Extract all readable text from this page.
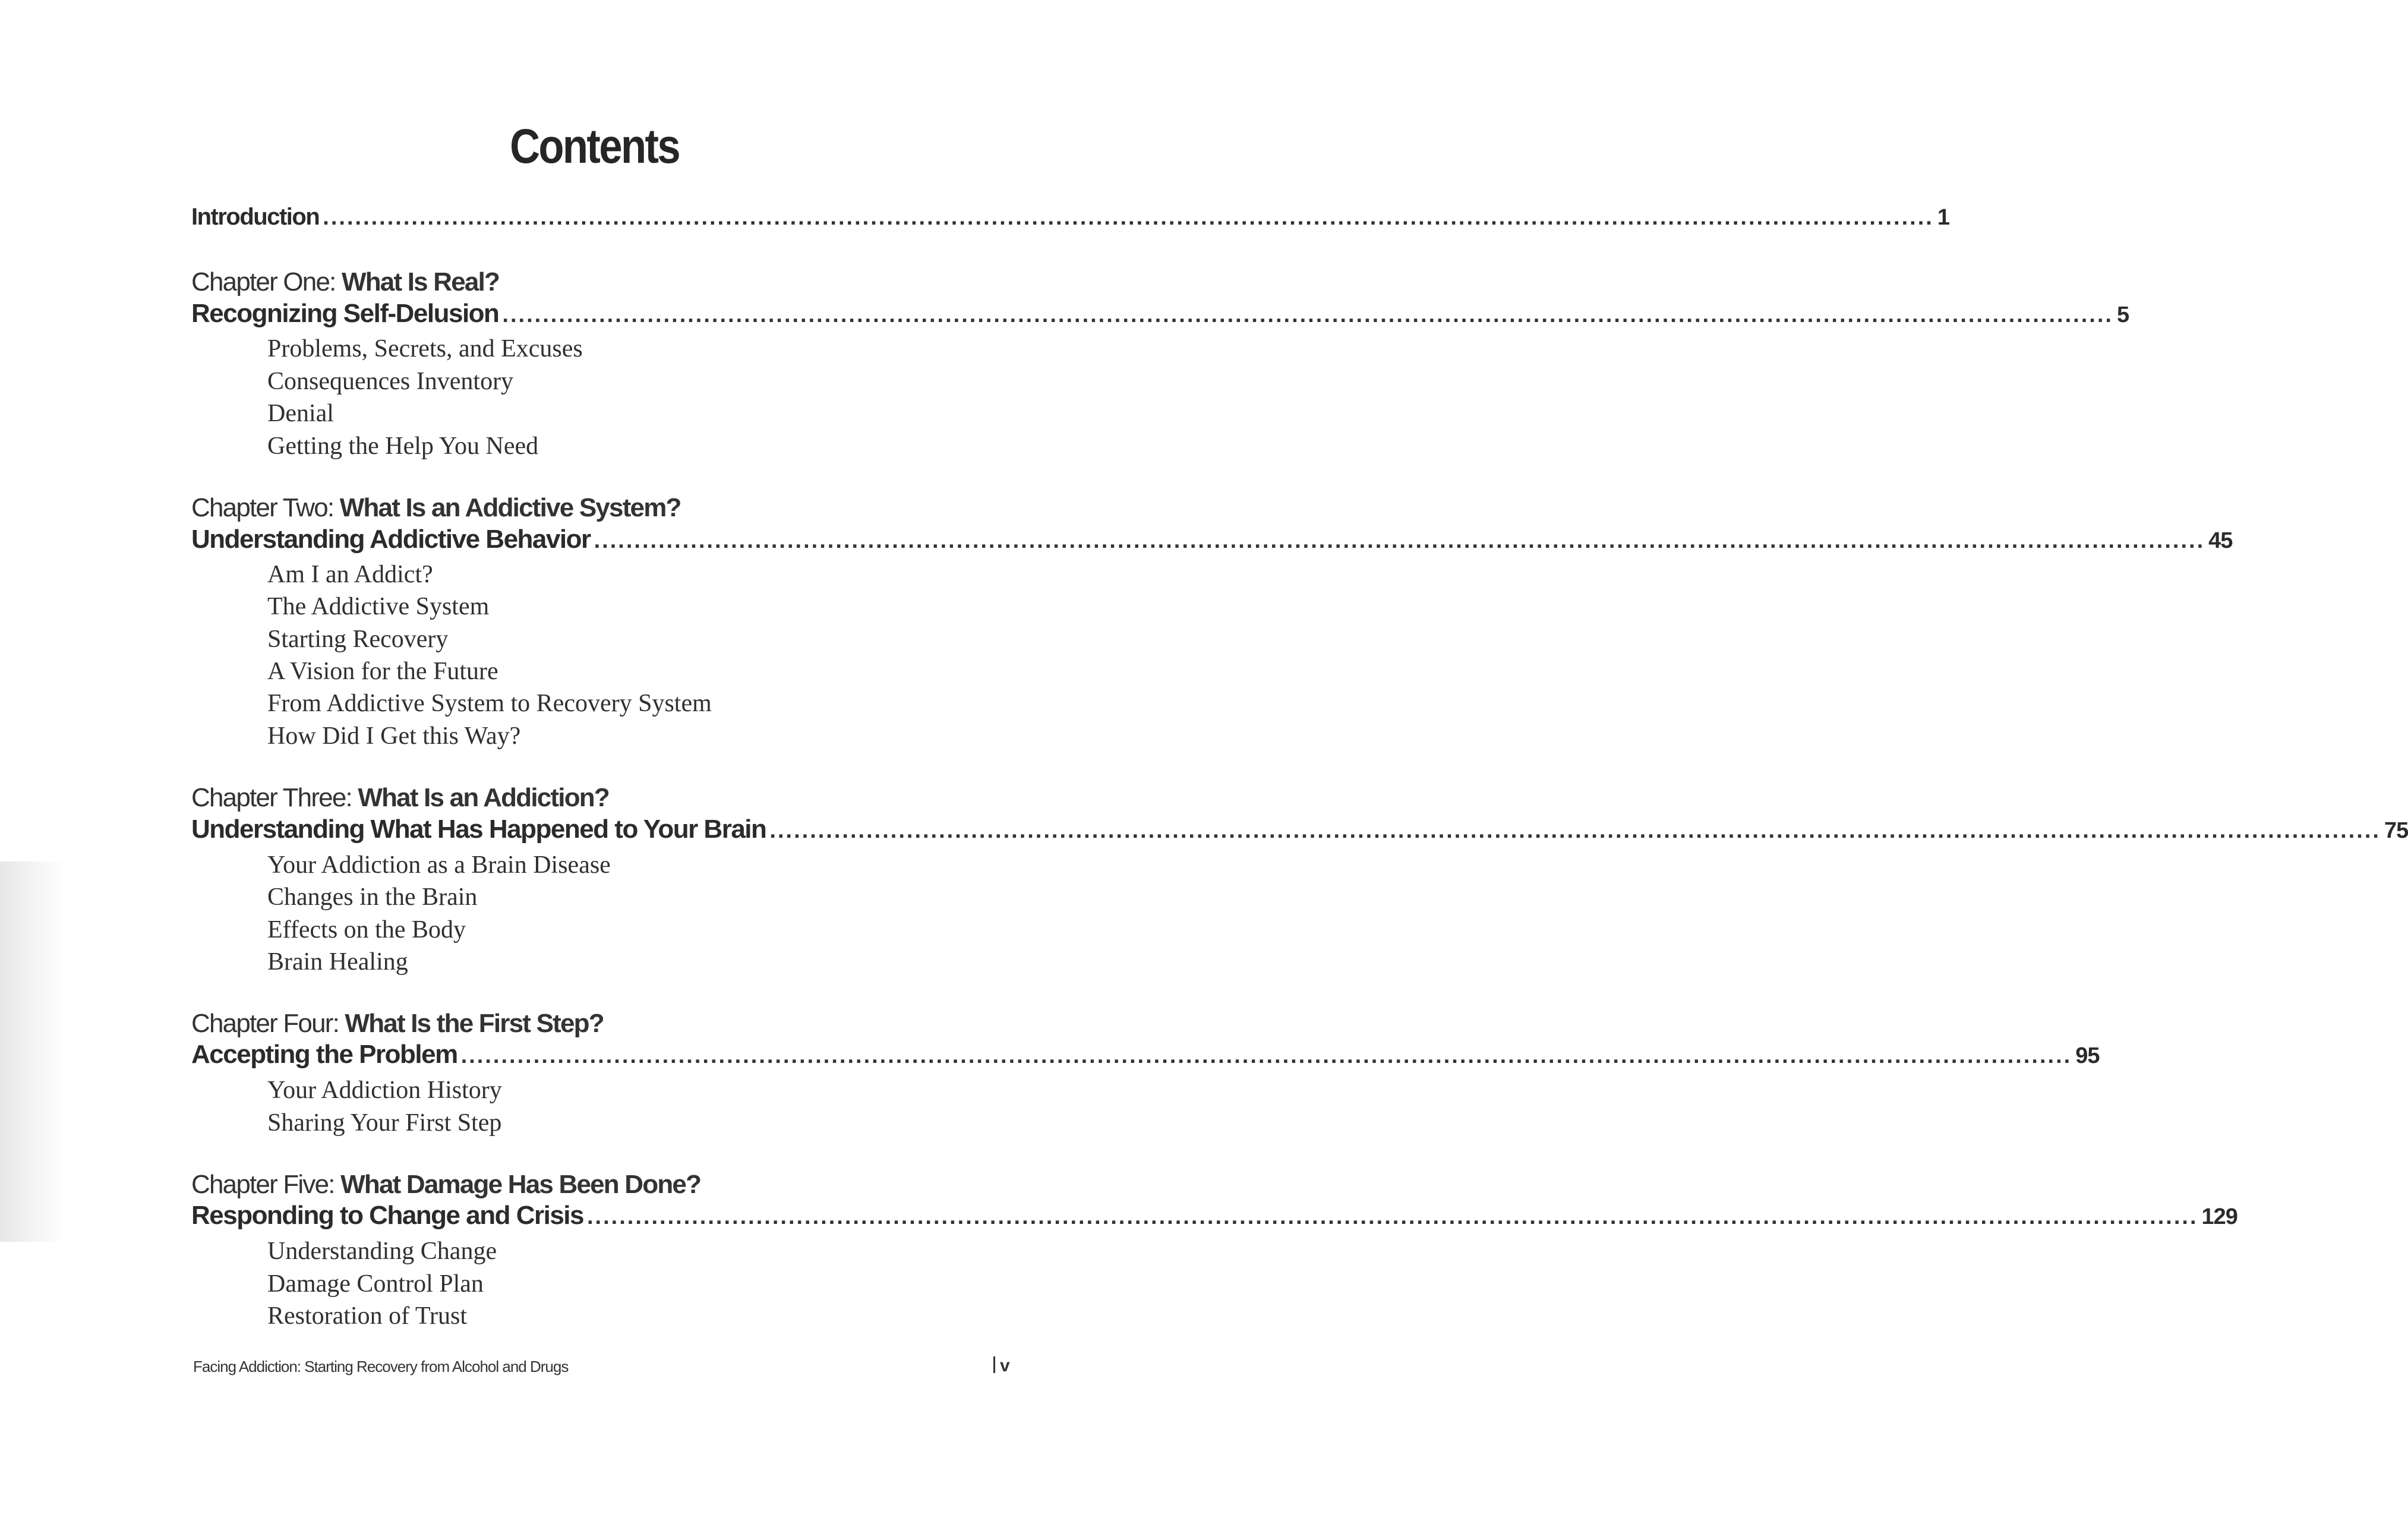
Contents
Introduction ........................................................................................................................................................................................................ 1
Chapter One: What Is Real?
Recognizing Self-Delusion ........................................................................................................................................................................................................ 5
Problems, Secrets, and Excuses
Consequences Inventory
Denial
Getting the Help You Need
Chapter Two: What Is an Addictive System?
Understanding Addictive Behavior ........................................................................................................................................................................................................ 45
Am I an Addict?
The Addictive System
Starting Recovery
A Vision for the Future
From Addictive System to Recovery System
How Did I Get this Way?
Chapter Three: What Is an Addiction?
Understanding What Has Happened to Your Brain ........................................................................................................................................................................................................ 75
Your Addiction as a Brain Disease
Changes in the Brain
Effects on the Body
Brain Healing
Chapter Four: What Is the First Step?
Accepting the Problem ........................................................................................................................................................................................................ 95
Your Addiction History
Sharing Your First Step
Chapter Five: What Damage Has Been Done?
Responding to Change and Crisis ........................................................................................................................................................................................................ 129
Understanding Change
Damage Control Plan
Restoration of Trust
Facing Addiction: Starting Recovery from Alcohol and Drugs	v
